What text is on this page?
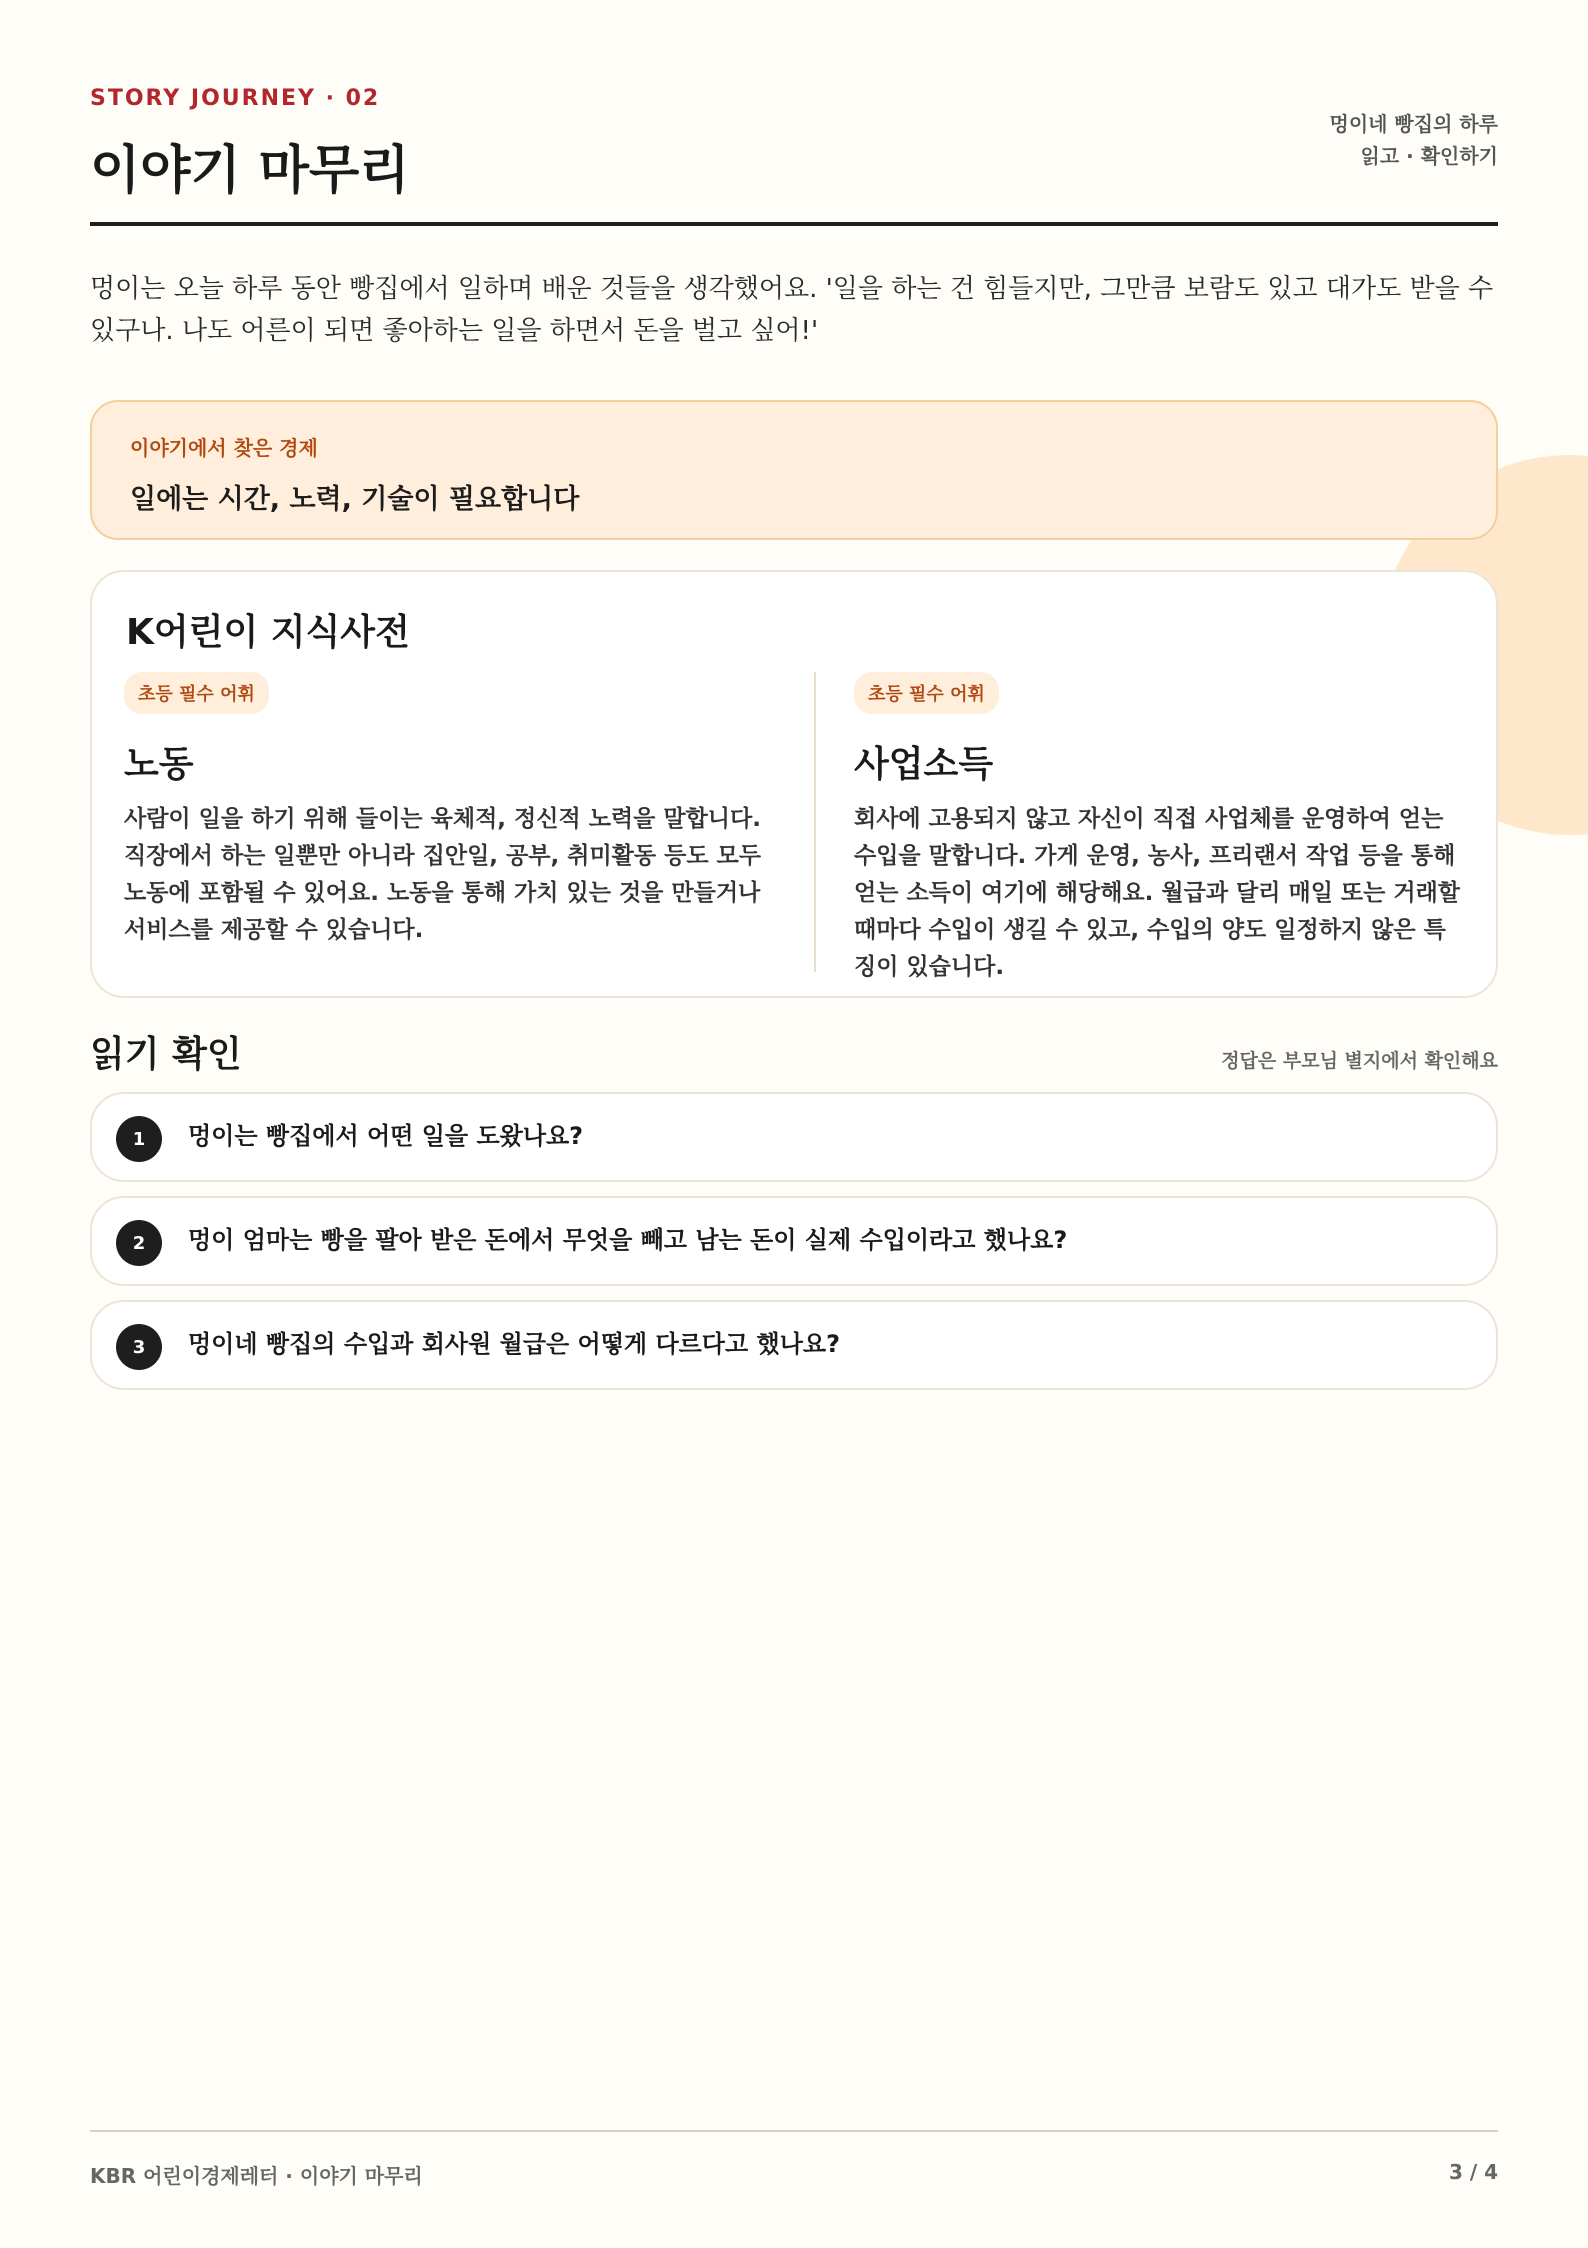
STORY JOURNEY · 02
이야기 마무리
멍이네 빵집의 하루
읽고 · 확인하기

멍이는 오늘 하루 동안 빵집에서 일하며 배운 것들을 생각했어요. '일을 하는 건 힘들지만, 그만큼 보람도 있고 대가도 받을 수 있구나. 나도 어른이 되면 좋아하는 일을 하면서 돈을 벌고 싶어!'

이야기에서 찾은 경제
일에는 시간, 노력, 기술이 필요합니다
K어린이 지식사전
초등 필수 어휘
노동

사람이 일을 하기 위해 들이는 육체적, 정신적 노력을 말합니다. 직장에서 하는 일뿐만 아니라 집안일, 공부, 취미활동 등도 모두 노동에 포함될 수 있어요. 노동을 통해 가치 있는 것을 만들거나 서비스를 제공할 수 있습니다.

초등 필수 어휘
사업소득

회사에 고용되지 않고 자신이 직접 사업체를 운영하여 얻는 수입을 말합니다. 가게 운영, 농사, 프리랜서 작업 등을 통해 얻는 소득이 여기에 해당해요. 월급과 달리 매일 또는 거래할 때마다 수입이 생길 수 있고, 수입의 양도 일정하지 않은 특징이 있습니다.

읽기 확인	정답은 부모님 별지에서 확인해요
1	멍이는 빵집에서 어떤 일을 도왔나요?
2	멍이 엄마는 빵을 팔아 받은 돈에서 무엇을 빼고 남는 돈이 실제 수입이라고 했나요?
3	멍이네 빵집의 수입과 회사원 월급은 어떻게 다르다고 했나요?
KBR 어린이경제레터 · 이야기 마무리	3 / 4
